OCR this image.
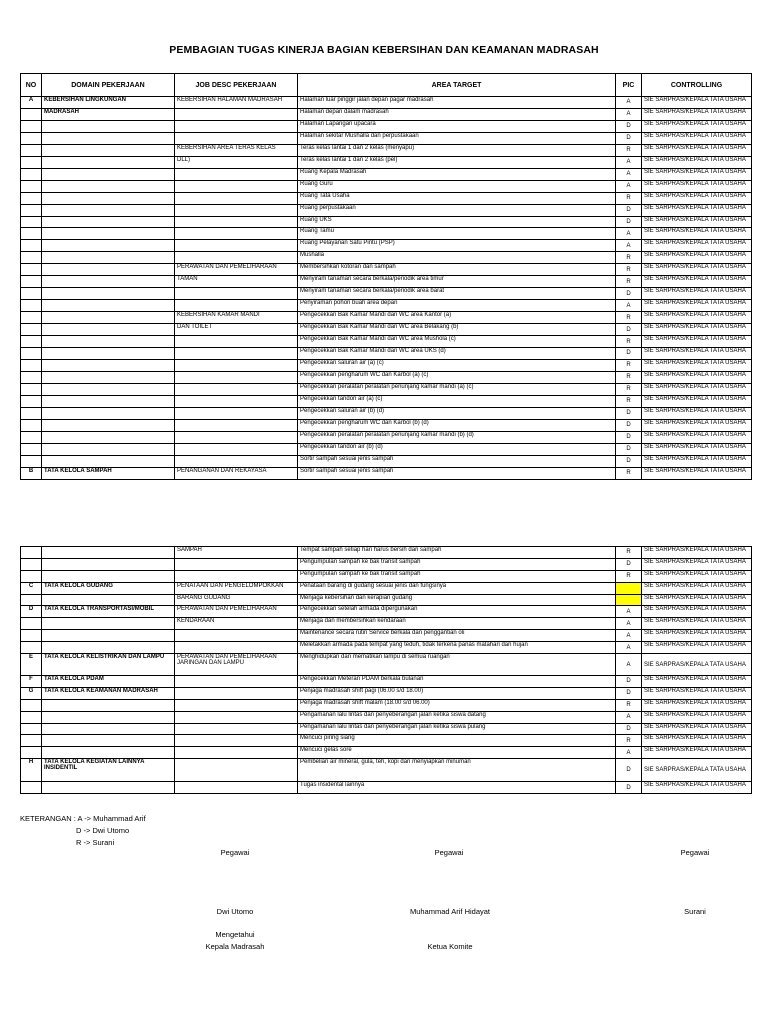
PEMBAGIAN TUGAS KINERJA BAGIAN KEBERSIHAN DAN KEAMANAN MADRASAH
NO	DOMAIN PEKERJAAN	JOB DESC PEKERJAAN	AREA TARGET	PIC	CONTROLLING
A	KEBERSIHAN LINGKUNGAN	KEBERSIHAN HALAMAN MADRASAH	Halaman luar pinggir jalan depan pagar madrasah	A	SIE SARPRAS/KEPALA TATA USAHA
	MADRASAH		Halaman depan dalam madrasah	A	SIE SARPRAS/KEPALA TATA USAHA
			Halaman Lapangan upacara	D	SIE SARPRAS/KEPALA TATA USAHA
			Halaman sekitar Mushalla dan perpustakaan	D	SIE SARPRAS/KEPALA TATA USAHA
		KEBERSIHAN AREA TERAS KELAS	Teras kelas lantai 1 dan 2 kelas (menyapu)	R	SIE SARPRAS/KEPALA TATA USAHA
		DLL)	Teras kelas lantai 1 dan 2 kelas (pel)	A	SIE SARPRAS/KEPALA TATA USAHA
			Ruang Kepala Madrasah	A	SIE SARPRAS/KEPALA TATA USAHA
			Ruang Guru	A	SIE SARPRAS/KEPALA TATA USAHA
			Ruang Tata Usaha	R	SIE SARPRAS/KEPALA TATA USAHA
			Ruang perpustakaan	D	SIE SARPRAS/KEPALA TATA USAHA
			Ruang UKS	D	SIE SARPRAS/KEPALA TATA USAHA
			Ruang Tamu	A	SIE SARPRAS/KEPALA TATA USAHA
			Ruang Pelayanan Satu Pintu (PSP)	A	SIE SARPRAS/KEPALA TATA USAHA
			Mushalla	R	SIE SARPRAS/KEPALA TATA USAHA
		PERAWATAN DAN PEMELIHARAAN	Membersihkan kotoran dan sampah	R	SIE SARPRAS/KEPALA TATA USAHA
		TAMAN	Menyiram tanaman secara berkala/periodik area timur	R	SIE SARPRAS/KEPALA TATA USAHA
			Menyiram tanaman secara berkala/periodik area barat	D	SIE SARPRAS/KEPALA TATA USAHA
			Penyiraman pohon buah area depan	A	SIE SARPRAS/KEPALA TATA USAHA
		KEBERSIHAN KAMAR MANDI	Pengecekkan Bak Kamar Mandi dan WC area Kantor (a)	R	SIE SARPRAS/KEPALA TATA USAHA
		DAN TOILET	Pengecekkan Bak Kamar Mandi dan WC area Belakang (b)	D	SIE SARPRAS/KEPALA TATA USAHA
			Pengecekkan Bak Kamar Mandi dan WC area Mushola (c)	R	SIE SARPRAS/KEPALA TATA USAHA
			Pengecekkan Bak Kamar Mandi dan WC area UKS (d)	D	SIE SARPRAS/KEPALA TATA USAHA
			Pengecekkan saluran air (a) (c)	R	SIE SARPRAS/KEPALA TATA USAHA
			Pengecekkan pengharum WC dan Karbol (a) (c)	R	SIE SARPRAS/KEPALA TATA USAHA
			Pengecekkan peralatan peralatan penunjang kamar mandi (a) (c)	R	SIE SARPRAS/KEPALA TATA USAHA
			Pengecekkan tandon air (a) (c)	R	SIE SARPRAS/KEPALA TATA USAHA
			Pengecekkan saluran air (b) (d)	D	SIE SARPRAS/KEPALA TATA USAHA
			Pengecekkan pengharum WC dan Karbol (b) (d)	D	SIE SARPRAS/KEPALA TATA USAHA
			Pengecekkan peralatan peralatan penunjang kamar mandi (b) (d)	D	SIE SARPRAS/KEPALA TATA USAHA
			Pengecekkan tandon air (b) (d)	D	SIE SARPRAS/KEPALA TATA USAHA
			Sortir sampah sesuai jenis sampah	D	SIE SARPRAS/KEPALA TATA USAHA
B	TATA KELOLA SAMPAH	PENANGANAN DAN REKAYASA	Sortir sampah sesuai jenis sampah	R	SIE SARPRAS/KEPALA TATA USAHA
		SAMPAH	Tempat sampah setiap hari harus bersih dari sampah	R	SIE SARPRAS/KEPALA TATA USAHA
			Pengumpulan sampah ke bak transit sampah	D	SIE SARPRAS/KEPALA TATA USAHA
			Pengumpulan sampah ke bak transit sampah	R	SIE SARPRAS/KEPALA TATA USAHA
C	TATA KELOLA GUDANG	PENATAAN DAN PENGELOMPOKKAN	Penataan barang di gudang sesuai jenis dan fungsinya		SIE SARPRAS/KEPALA TATA USAHA
		BARANG GUDANG	Menjaga kebersihan dan kerapian gudang		SIE SARPRAS/KEPALA TATA USAHA
D	TATA KELOLA TRANSPORTASI/MOBIL	PERAWATAN DAN PEMELIHARAAN	Pengecekkan setelah armada dipergunakan	A	SIE SARPRAS/KEPALA TATA USAHA
		KENDARAAN	Menjaga dan membersihkan kendaraan	A	SIE SARPRAS/KEPALA TATA USAHA
			Maintenance secara rutin Service berkala dan penggantian oli	A	SIE SARPRAS/KEPALA TATA USAHA
			Meletakkan armada pada tempat yang teduh, tidak terkena panas matahari dan hujan	A	SIE SARPRAS/KEPALA TATA USAHA
E	TATA KELOLA KELISTRIKAN DAN LAMPU	PERAWATAN DAN PEMELIHARAAN JARINGAN DAN LAMPU	Menghidupkan dan mematikan lampu di semua ruangan	A	SIE SARPRAS/KEPALA TATA USAHA
F	TATA KELOLA PDAM		Pengecekkan Meteran PDAM berkala bulanan	D	SIE SARPRAS/KEPALA TATA USAHA
G	TATA KELOLA KEAMANAN MADRASAH		Penjaga madrasah shift pagi (06.00 s/d 18.00)	D	SIE SARPRAS/KEPALA TATA USAHA
			Penjaga madrasah shift malam (18.00 s/d 06.00)	R	SIE SARPRAS/KEPALA TATA USAHA
			Pengamanan lalu lintas dan penyeberangan jalan ketika siswa datang	A	SIE SARPRAS/KEPALA TATA USAHA
			Pengamanan lalu lintas dan penyeberangan jalan ketika siswa pulang	D	SIE SARPRAS/KEPALA TATA USAHA
			Mencuci piring siang	R	SIE SARPRAS/KEPALA TATA USAHA
			Mencuci gelas sore	A	SIE SARPRAS/KEPALA TATA USAHA
H	TATA KELOLA KEGIATAN LAINNYA INSIDENTIL		Pembelian air mineral, gula, teh, kopi dan menyiapkan minuman	D	SIE SARPRAS/KEPALA TATA USAHA
			Tugas insidental lainnya	D	SIE SARPRAS/KEPALA TATA USAHA
KETERANGAN : A -> Muhammad Arif
D -> Dwi Utomo
R -> Surani
Pegawai	Pegawai	Pegawai
Dwi Utomo	Muhammad Arif Hidayat	Surani
Mengetahui
Kepala Madrasah	Ketua Komite
